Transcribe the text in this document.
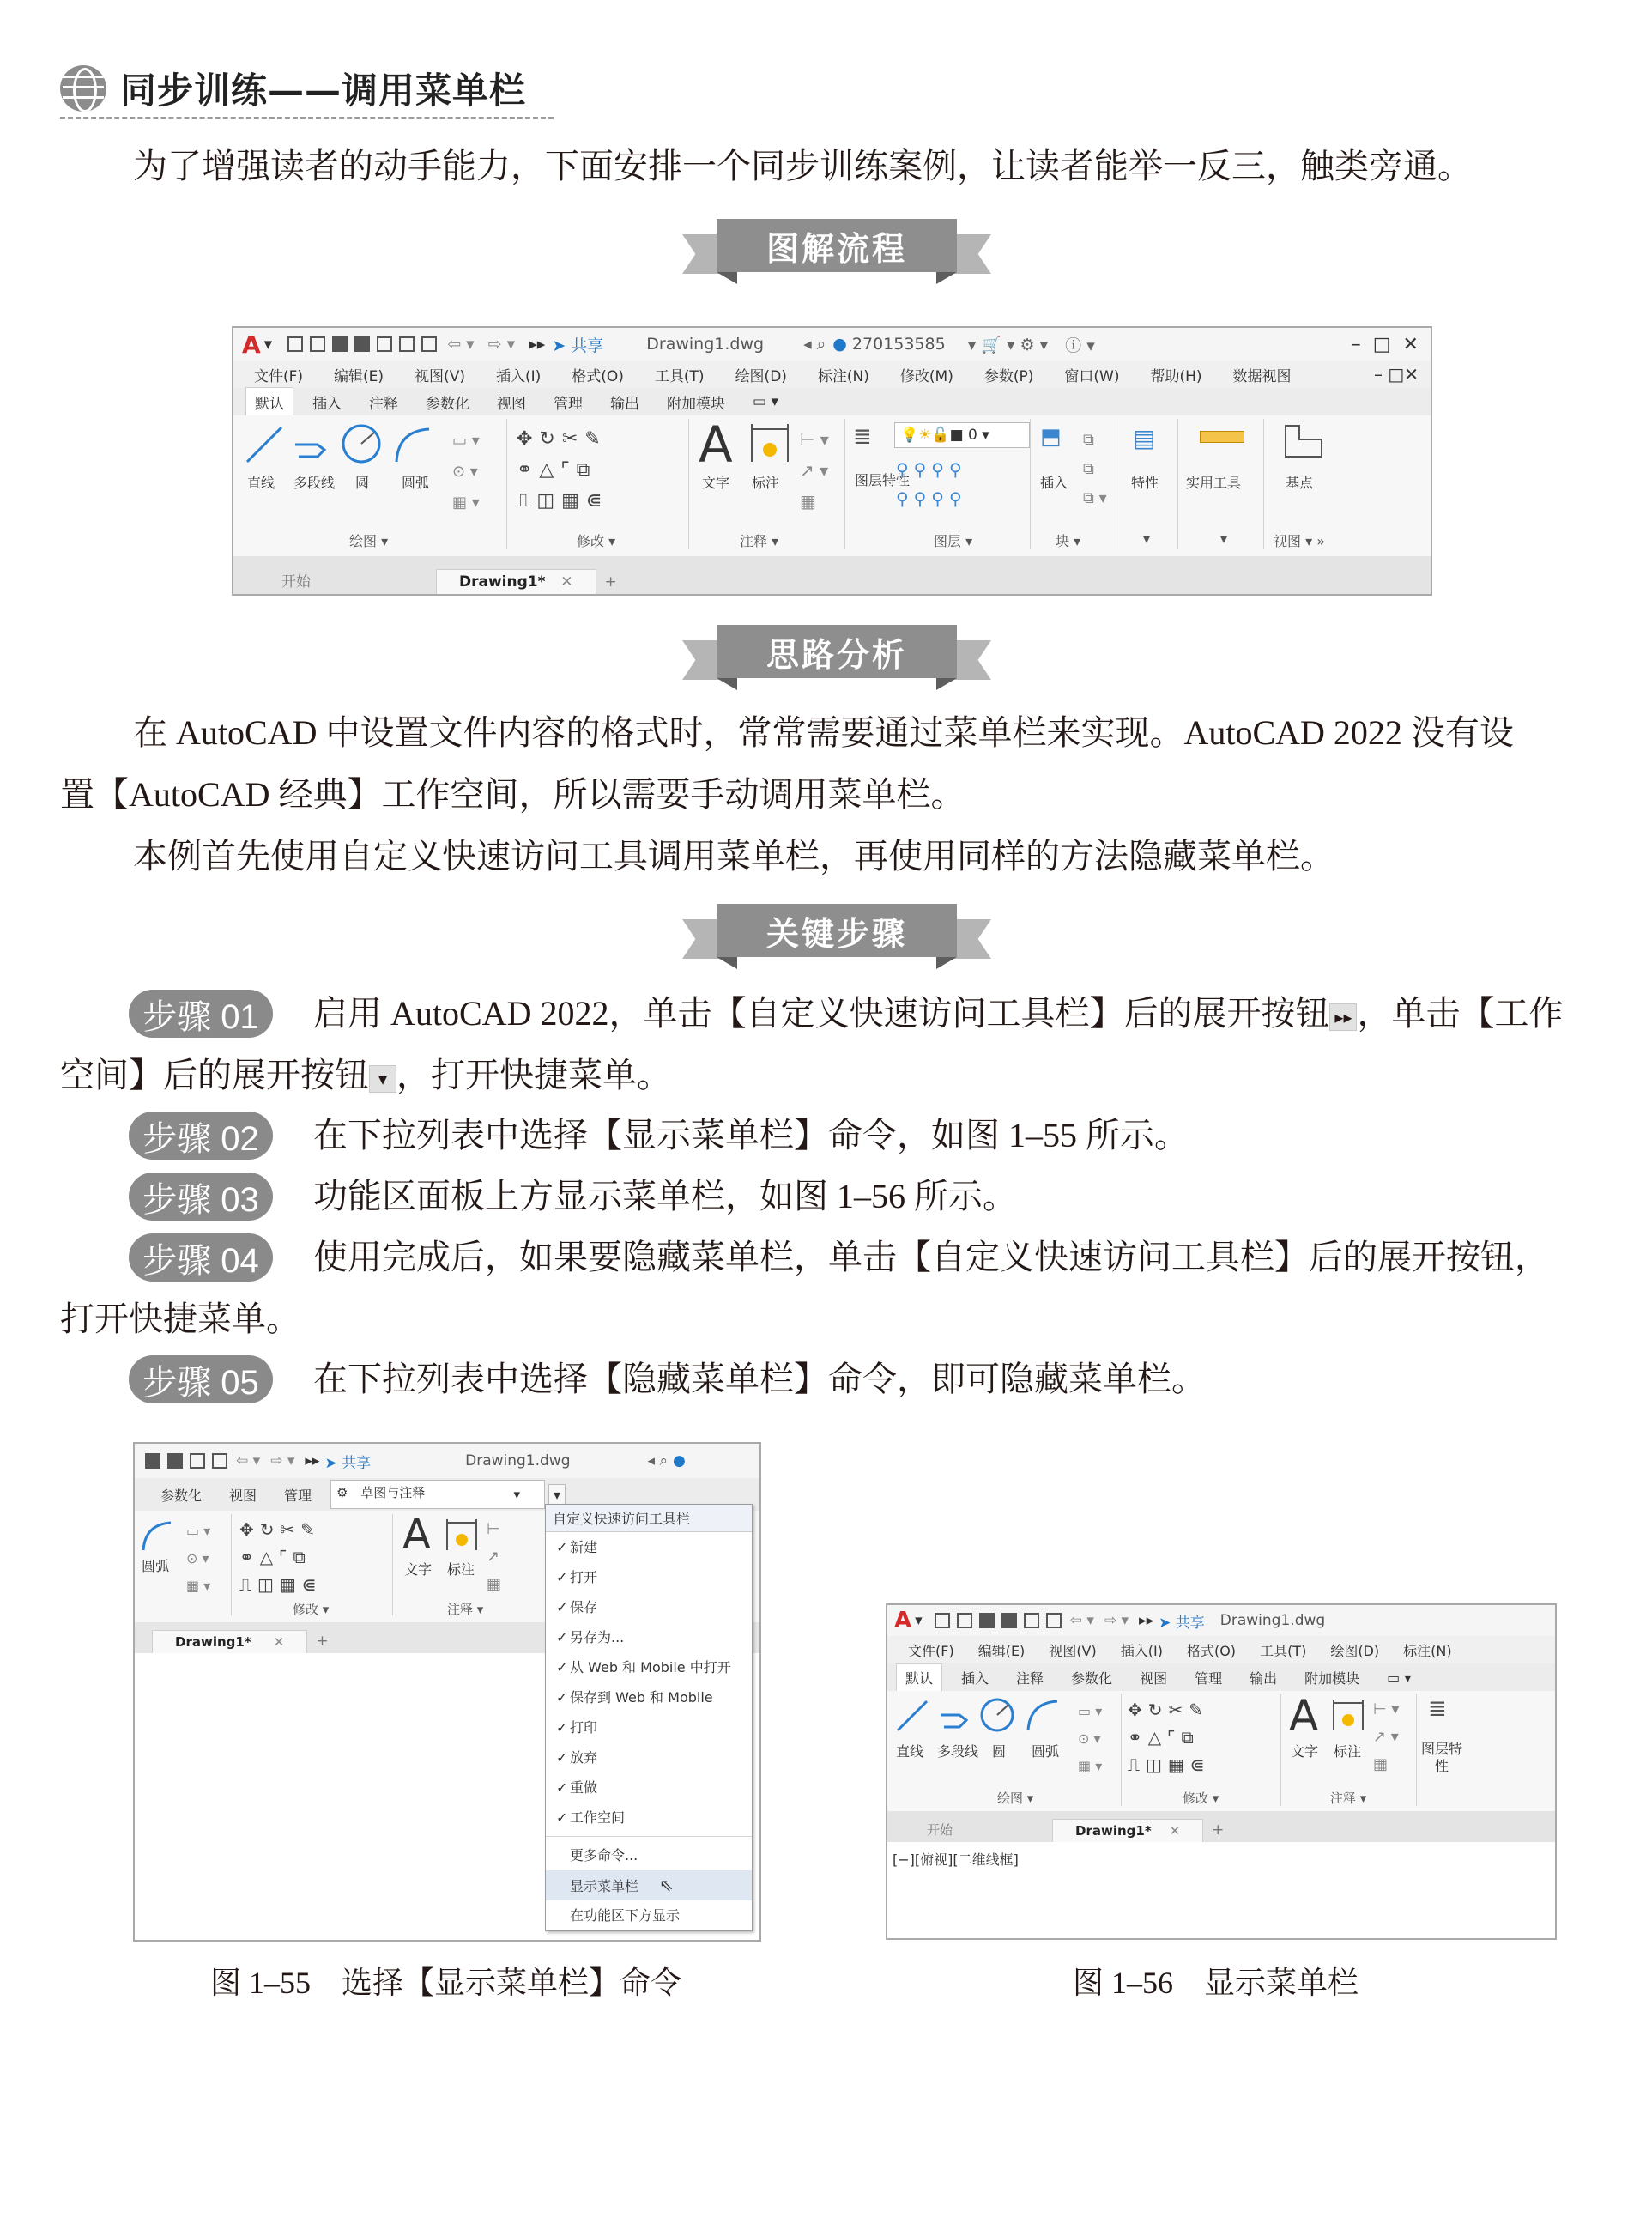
同步训练——调用菜单栏
为了增强读者的动手能力，下面安排一个同步训练案例，让读者能举一反三，触类旁通。
图解流程
A ▾	⇦ ▾ ⇨ ▾ ▸▸ ➤ 共享	Drawing1.dwg ◂ ⌕ ● 270153585 ▾ 🛒 ▾ ⚙ ▾ ⓘ ▾	–  □  ✕
文件(F) 编辑(E) 视图(V) 插入(I) 格式(O) 工具(T) 绘图(D) 标注(N) 修改(M) 参数(P) 窗口(W) 帮助(H) 数据视图	– □✕
默认	插入	注释	参数化	视图	管理	输出	附加模块	▭ ▾
直线 多段线 圆 圆弧
▭ ▾
⊙ ▾
▦ ▾
✥↻✂✎
⚭△⌜⧉
⎍◫▦⋐
A
文字 标注
⊢ ▾
↗ ▾
▦
≣
图层特性
💡☀🔓■ 0 ▾
⚲⚲⚲⚲
⚲⚲⚲⚲
⬒
插入
⧉
⧉
⧉ ▾
▤
特性 实用工具	基点
绘图 ▾	修改 ▾	注释 ▾	图层 ▾	块 ▾	▾	▾	视图 ▾ »
开始	Drawing1* ✕	+
思路分析
在 AutoCAD 中设置文件内容的格式时，常常需要通过菜单栏来实现。AutoCAD 2022 没有设
置【AutoCAD 经典】工作空间，所以需要手动调用菜单栏。
本例首先使用自定义快速访问工具调用菜单栏，再使用同样的方法隐藏菜单栏。
关键步骤
步骤 01	启用 AutoCAD 2022，单击【自定义快速访问工具栏】后的展开按钮 ▸▸ ，单击【工作
空间】后的展开按钮 ▾ ，打开快捷菜单。
步骤 02	在下拉列表中选择【显示菜单栏】命令，如图 1–55 所示。
步骤 03	功能区面板上方显示菜单栏，如图 1–56 所示。
步骤 04	使用完成后，如果要隐藏菜单栏，单击【自定义快速访问工具栏】后的展开按钮，
打开快捷菜单。
步骤 05	在下拉列表中选择【隐藏菜单栏】命令，即可隐藏菜单栏。
⇦ ▾ ⇨ ▾ ▸▸ ➤ 共享	Drawing1.dwg	◂ ⌕ ●
参数化	视图	管理	⚙ 草图与注释	▾	▾
圆弧
▭ ▾
⊙ ▾
▦ ▾
✥↻✂✎
⚭△⌜⧉
⎍◫▦⋐
A
文字 标注
⊢
↗
▦
修改 ▾	注释 ▾
Drawing1* ✕	+
自定义快速访问工具栏
✓ 新建
✓ 打开
✓ 保存
✓ 另存为...
✓ 从 Web 和 Mobile 中打开
✓ 保存到 Web 和 Mobile
✓ 打印
✓ 放弃
✓ 重做
✓ 工作空间
更多命令...
显示菜单栏 ⇖
在功能区下方显示
A ▾	⇦ ▾ ⇨ ▾ ▸▸ ➤ 共享 Drawing1.dwg
文件(F) 编辑(E) 视图(V) 插入(I) 格式(O) 工具(T) 绘图(D) 标注(N)
默认	插入	注释	参数化	视图	管理	输出	附加模块	▭ ▾
直线 多段线 圆 圆弧
▭ ▾
⊙ ▾
▦ ▾
✥↻✂✎
⚭△⌜⧉
⎍◫▦⋐
A
文字 标注
⊢ ▾
↗ ▾
▦
≣
图层特性
绘图 ▾	修改 ▾	注释 ▾
开始	Drawing1* ✕	+
[−][俯视][二维线框]
图 1–55　选择【显示菜单栏】命令	图 1–56　显示菜单栏
